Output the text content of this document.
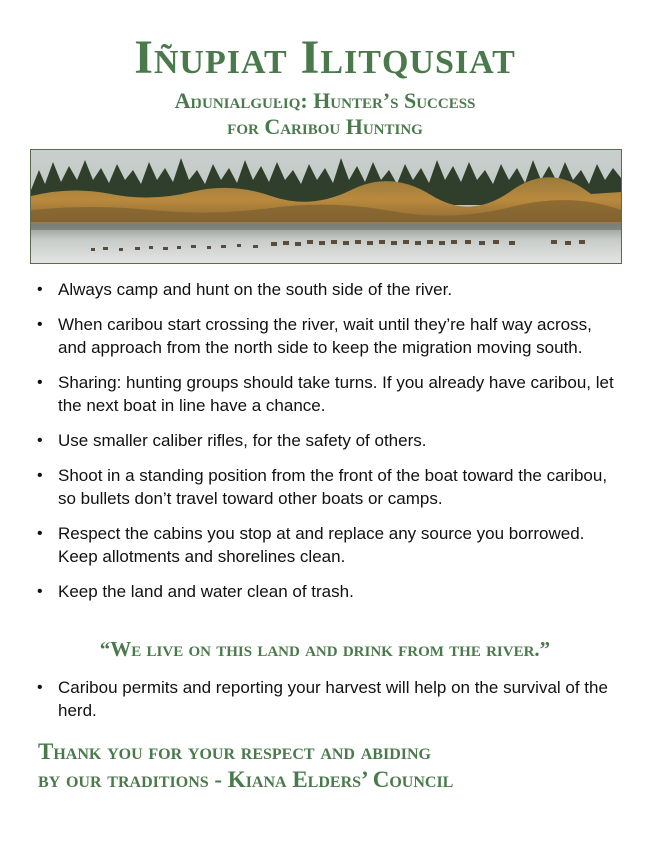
Iñupiat Ilitqusiat
Aŋunialguŀiq: Hunter’s Success
for Caribou Hunting
• Always camp and hunt on the south side of the river.
• When caribou start crossing the river, wait until they’re half way across, and approach from the north side to keep the migration moving south.
• Sharing: hunting groups should take turns. If you already have caribou, let the next boat in line have a chance.
• Use smaller caliber rifles, for the safety of others.
• Shoot in a standing position from the front of the boat toward the caribou, so bullets don’t travel toward other boats or camps.
• Respect the cabins you stop at and replace any source you borrowed. Keep allotments and shorelines clean.
• Keep the land and water clean of trash.
“We live on this land and drink from the river.”
• Caribou permits and reporting your harvest will help on the survival of the herd.
Thank you for your respect and abiding
by our traditions - Kiana Elders’ Council
